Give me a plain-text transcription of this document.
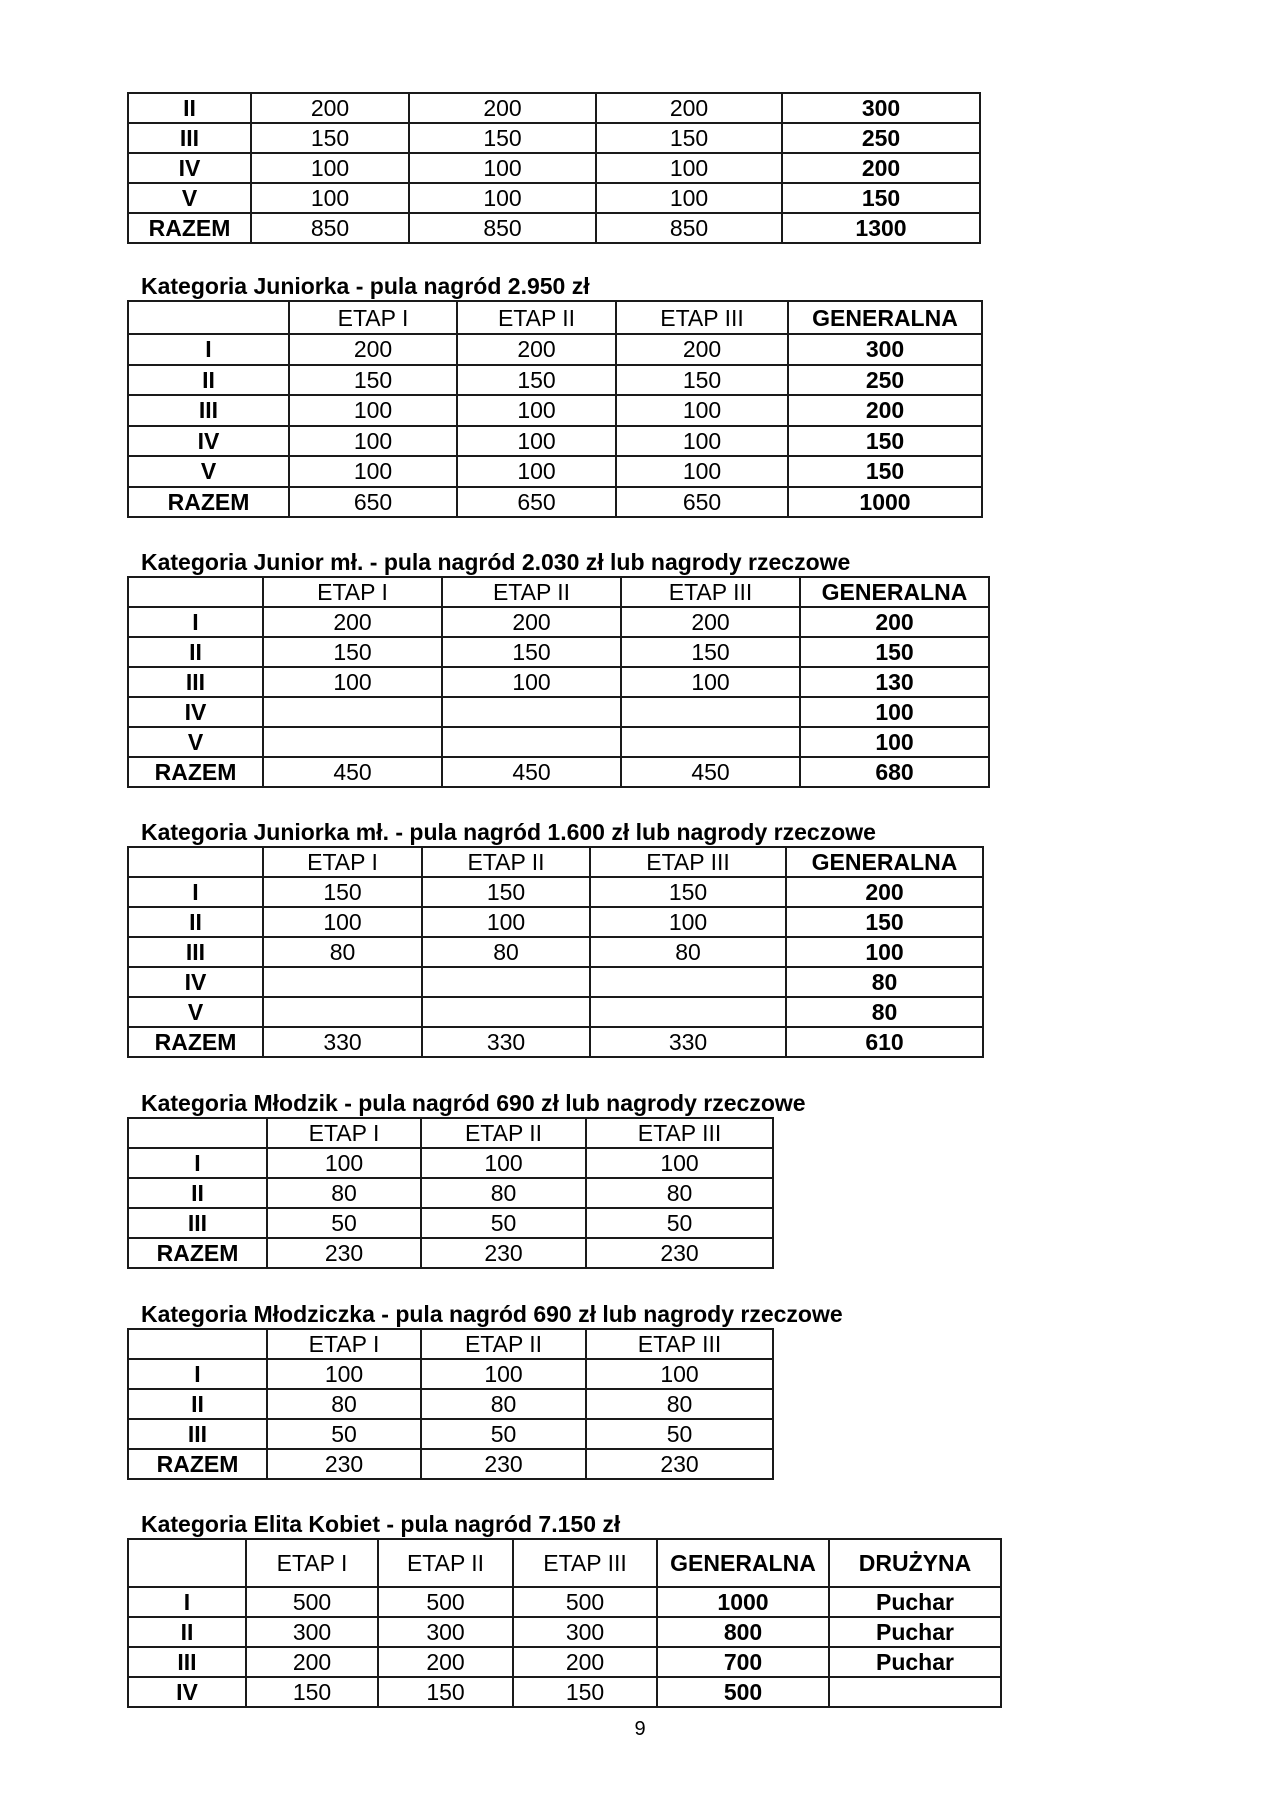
II	200	200	200	300
III	150	150	150	250
IV	100	100	100	200
V	100	100	100	150
RAZEM	850	850	850	1300
Kategoria Juniorka - pula nagród 2.950 zł
	ETAP I	ETAP II	ETAP III	GENERALNA
I	200	200	200	300
II	150	150	150	250
III	100	100	100	200
IV	100	100	100	150
V	100	100	100	150
RAZEM	650	650	650	1000
Kategoria Junior mł. - pula nagród 2.030 zł lub nagrody rzeczowe
	ETAP I	ETAP II	ETAP III	GENERALNA
I	200	200	200	200
II	150	150	150	150
III	100	100	100	130
IV				100
V				100
RAZEM	450	450	450	680
Kategoria Juniorka mł. - pula nagród 1.600 zł lub nagrody rzeczowe
	ETAP I	ETAP II	ETAP III	GENERALNA
I	150	150	150	200
II	100	100	100	150
III	80	80	80	100
IV				80
V				80
RAZEM	330	330	330	610
Kategoria Młodzik - pula nagród 690 zł lub nagrody rzeczowe
	ETAP I	ETAP II	ETAP III
I	100	100	100
II	80	80	80
III	50	50	50
RAZEM	230	230	230
Kategoria Młodziczka - pula nagród 690 zł lub nagrody rzeczowe
	ETAP I	ETAP II	ETAP III
I	100	100	100
II	80	80	80
III	50	50	50
RAZEM	230	230	230
Kategoria Elita Kobiet - pula nagród 7.150 zł
	ETAP I	ETAP II	ETAP III	GENERALNA	DRUŻYNA
I	500	500	500	1000	Puchar
II	300	300	300	800	Puchar
III	200	200	200	700	Puchar
IV	150	150	150	500	
9
